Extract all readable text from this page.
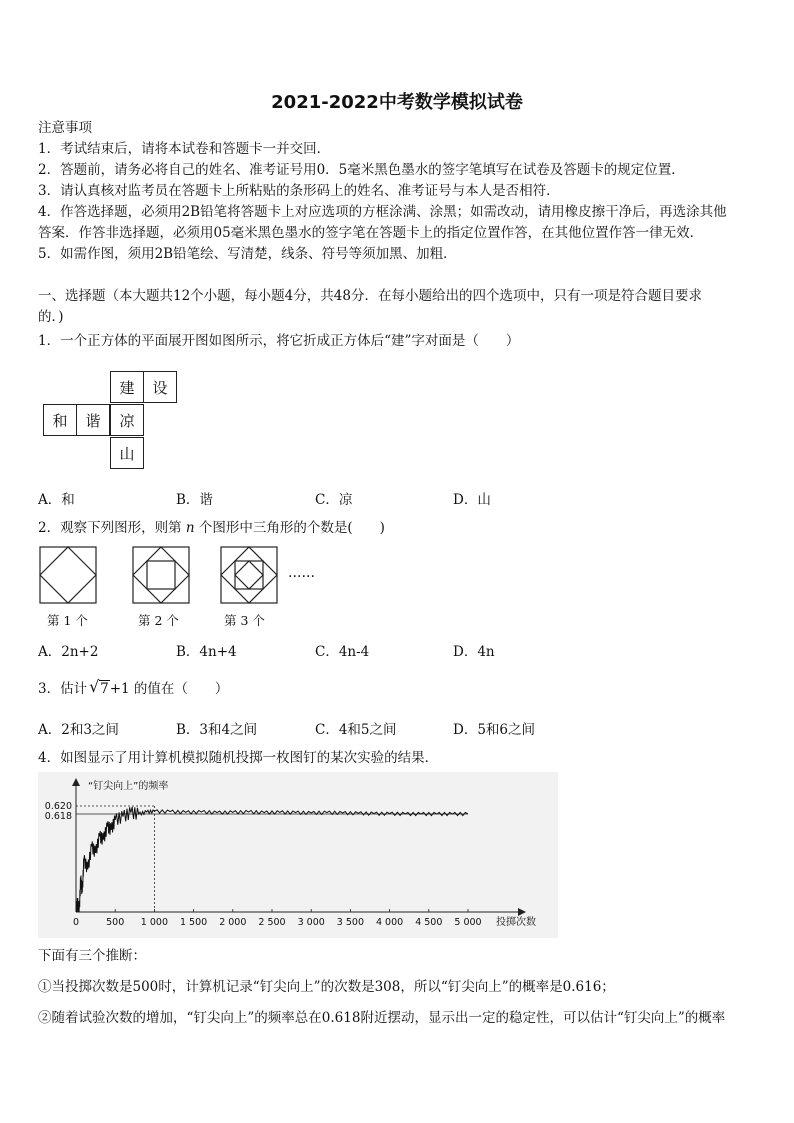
2021-2022中考数学模拟试卷
注意事项
1．考试结束后，请将本试卷和答题卡一并交回．
2．答题前，请务必将自己的姓名、准考证号用0．5毫米黑色墨水的签字笔填写在试卷及答题卡的规定位置．
3．请认真核对监考员在答题卡上所粘贴的条形码上的姓名、准考证号与本人是否相符．
4．作答选择题，必须用2B铅笔将答题卡上对应选项的方框涂满、涂黑；如需改动，请用橡皮擦干净后，再选涂其他
答案．作答非选择题，必须用05毫米黑色墨水的签字笔在答题卡上的指定位置作答，在其他位置作答一律无效．
5．如需作图，须用2B铅笔绘、写清楚，线条、符号等须加黑、加粗．
一、选择题（本大题共12个小题，每小题4分，共48分．在每小题给出的四个选项中，只有一项是符合题目要求
的．)
1．一个正方体的平面展开图如图所示，将它折成正方体后“建”字对面是（　　）
建	设
和	谐	凉
山
A．和	B．谐	C．凉	D．山
2．观察下列图形，则第 n 个图形中三角形的个数是(　　)
……
第 1 个	第 2 个	第 3 个
A．2n+2	B．4n+4	C．4n-4	D．4n
3．估计 √ 7+1 的值在（　　）
A．2和3之间	B．3和4之间	C．4和5之间	D．5和6之间
4．如图显示了用计算机模拟随机投掷一枚图钉的某次实验的结果．
0	500 1 000 1 500 2 000 2 500 3 000 3 500 4 000 4 500 5 000
0.620
0.618
“钉尖向上”的频率
投掷次数
下面有三个推断：
①当投掷次数是500时，计算机记录“钉尖向上”的次数是308，所以“钉尖向上”的概率是0.616；
②随着试验次数的增加，“钉尖向上”的频率总在0.618附近摆动，显示出一定的稳定性，可以估计“钉尖向上”的概率
